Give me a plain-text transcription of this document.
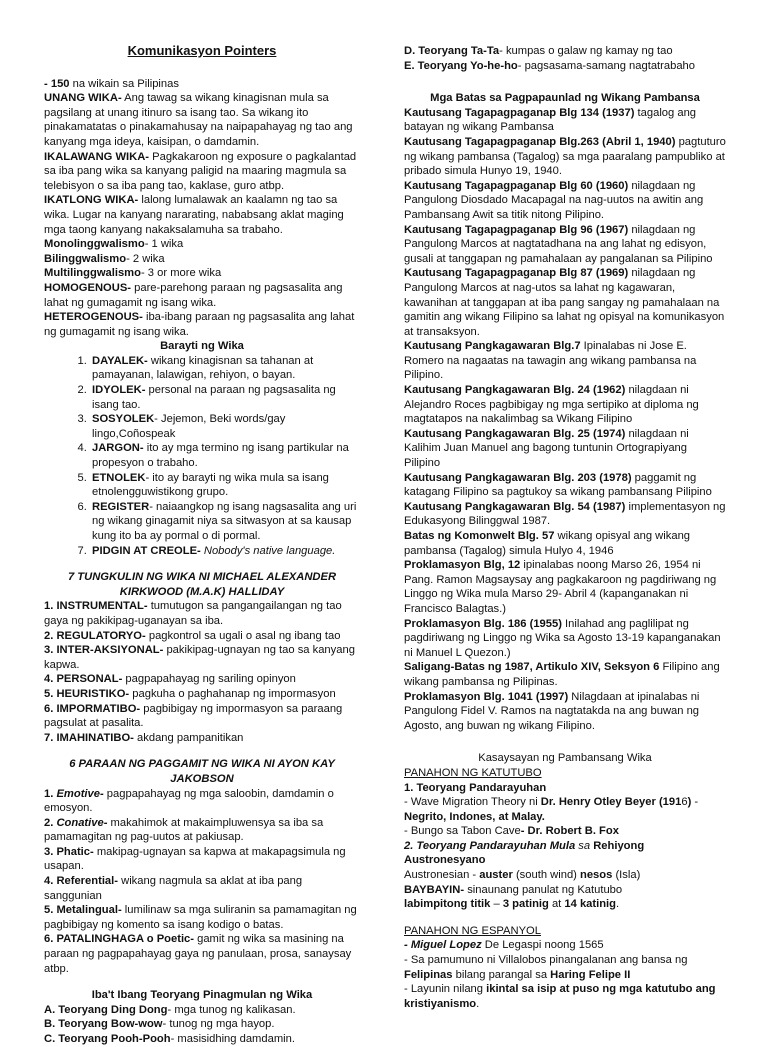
Komunikasyon Pointers

- 150 na wikain sa Pilipinas

UNANG WIKA- Ang tawag sa wikang kinagisnan mula sa pagsilang at unang itinuro sa isang tao. Sa wikang ito pinakamatatas o pinakamahusay na naipapahayag ng tao ang kanyang mga ideya, kaisipan, o damdamin.

IKALAWANG WIKA- Pagkakaroon ng exposure o pagkalantad sa iba pang wika sa kanyang paligid na maaring magmula sa telebisyon o sa iba pang tao, kaklase, guro atbp.

IKATLONG WIKA- lalong lumalawak an kaalamn ng tao sa wika. Lugar na kanyang nararating, nababsang aklat maging mga taong kanyang nakaksalamuha sa trabaho.

Monolinggwalismo- 1 wika

Bilinggwalismo- 2 wika

Multilinggwalismo- 3 or more wika

HOMOGENOUS- pare-parehong paraan ng pagsasalita ang lahat ng gumagamit ng isang wika.

HETEROGENOUS- iba-ibang paraan ng pagsasalita ang lahat ng gumagamit ng isang wika.

Barayti ng Wika

1. DAYALEK- wikang kinagisnan sa tahanan at pamayanan, lalawigan, rehiyon, o bayan.
2. IDYOLEK- personal na paraan ng pagsasalita ng isang tao.
3. SOSYOLEK- Jejemon, Beki words/gay lingo,Coñospeak
4. JARGON- ito ay mga termino ng isang partikular na propesyon o trabaho.
5. ETNOLEK- ito ay barayti ng wika mula sa isang etnolengguwistikong grupo.
6. REGISTER- naiaangkop ng isang nagsasalita ang uri ng wikang ginagamit niya sa sitwasyon at sa kausap kung ito ba ay pormal o di pormal.
7. PIDGIN AT CREOLE- Nobody's native language.

7 TUNGKULIN NG WIKA NI MICHAEL ALEXANDER KIRKWOOD (M.A.K) HALLIDAY

1. INSTRUMENTAL- tumutugon sa pangangailangan ng tao gaya ng pakikipag-uganayan sa iba.

2. REGULATORYO- pagkontrol sa ugali o asal ng ibang tao

3. INTER-AKSIYONAL- pakikipag-ugnayan ng tao sa kanyang kapwa.

4. PERSONAL- pagpapahayag ng sariling opinyon

5. HEURISTIKO- pagkuha o paghahanap ng impormasyon

6. IMPORMATIBO- pagbibigay ng impormasyon sa paraang pagsulat at pasalita.

7. IMAHINATIBO- akdang pampanitikan

6 PARAAN NG PAGGAMIT NG WIKA NI AYON KAY JAKOBSON

1. Emotive- pagpapahayag ng mga saloobin, damdamin o emosyon.

2. Conative- makahimok at makaimpluwensya sa iba sa pamamagitan ng pag-uutos at pakiusap.

3. Phatic- makipag-ugnayan sa kapwa at makapagsimula ng usapan.

4. Referential- wikang nagmula sa aklat at iba pang sanggunian

5. Metalingual- lumilinaw sa mga suliranin sa pamamagitan ng pagbibigay ng komento sa isang kodigo o batas.

6. PATALINGHAGA o Poetic- gamit ng wika sa masining na paraan ng pagpapahayag gaya ng panulaan, prosa, sanaysay atbp.

Iba't Ibang Teoryang Pinagmulan ng Wika

A. Teoryang Ding Dong- mga tunog ng kalikasan.

B. Teoryang Bow-wow- tunog ng mga hayop.

C. Teoryang Pooh-Pooh- masisidhing damdamin.

D. Teoryang Ta-Ta- kumpas o galaw ng kamay ng tao

E. Teoryang Yo-he-ho- pagsasama-samang nagtatrabaho

Mga Batas sa Pagpapaunlad ng Wikang Pambansa

Kautusang Tagapagpaganap Blg 134 (1937) tagalog ang batayan ng wikang Pambansa

Kautusang Tagapagpaganap Blg.263 (Abril 1, 1940) pagtuturo ng wikang pambansa (Tagalog) sa mga paaralang pampubliko at pribado simula Hunyo 19, 1940.

Kautusang Tagapagpaganap Blg 60 (1960) nilagdaan ng Pangulong Diosdado Macapagal na nag-uutos na awitin ang Pambansang Awit sa titik nitong Pilipino.

Kautusang Tagapagpaganap Blg 96 (1967) nilagdaan ng Pangulong Marcos at nagtatadhana na ang lahat ng edisyon, gusali at tanggapan ng pamahalaan ay pangalanan sa Pilipino

Kautusang Tagapagpaganap Blg 87 (1969) nilagdaan ng Pangulong Marcos at nag-utos sa lahat ng kagawaran, kawanihan at tanggapan at iba pang sangay ng pamahalaan na gamitin ang wikang Filipino sa lahat ng opisyal na komunikasyon at transaksyon.

Kautusang Pangkagawaran Blg.7 Ipinalabas ni Jose E. Romero na nagaatas na tawagin ang wikang pambansa na Pilipino.

Kautusang Pangkagawaran Blg. 24 (1962) nilagdaan ni Alejandro Roces pagbibigay ng mga sertipiko at diploma ng magtatapos na nakalimbag sa Wikang Filipino

Kautusang Pangkagawaran Blg. 25 (1974) nilagdaan ni Kalihim Juan Manuel ang bagong tuntunin Ortograpiyang Pilipino

Kautusang Pangkagawaran Blg. 203 (1978) paggamit ng katagang Filipino sa pagtukoy sa wikang pambansang Pilipino

Kautusang Pangkagawaran Blg. 54 (1987) implementasyon ng Edukasyong Bilinggwal 1987.

Batas ng Komonwelt Blg. 57 wikang opisyal ang wikang pambansa (Tagalog) simula Hulyo 4, 1946

Proklamasyon Blg, 12 ipinalabas noong Marso 26, 1954 ni Pang. Ramon Magsaysay ang pagkakaroon ng pagdiriwang ng Linggo ng Wika mula Marso 29- Abril 4 (kapanganakan ni Francisco Balagtas.)

Proklamasyon Blg. 186 (1955) Inilahad ang paglilipat ng pagdiriwang ng Linggo ng Wika sa Agosto 13-19 kapanganakan ni Manuel L Quezon.)

Saligang-Batas ng 1987, Artikulo XIV, Seksyon 6 Filipino ang wikang pambansa ng Pilipinas.

Proklamasyon Blg. 1041 (1997) Nilagdaan at ipinalabas ni Pangulong Fidel V. Ramos na nagtatakda na ang buwan ng Agosto, ang buwan ng wikang Filipino.

Kasaysayan ng Pambansang Wika

PANAHON NG KATUTUBO

1. Teoryang Pandarayuhan

- Wave Migration Theory ni Dr. Henry Otley Beyer (1916) - Negrito, Indones, at Malay.

- Bungo sa Tabon Cave- Dr. Robert B. Fox

2. Teoryang Pandarayuhan Mula sa Rehiyong Austronesyano

Austronesian - auster (south wind) nesos (Isla)

BAYBAYIN- sinaunang panulat ng Katutubo

labimpitong titik – 3 patinig at 14 katinig.

PANAHON NG ESPANYOL

- Miguel Lopez De Legaspi noong 1565

- Sa pamumuno ni Villalobos pinangalanan ang bansa ng Felipinas bilang parangal sa Haring Felipe II

- Layunin nilang ikintal sa isip at puso ng mga katutubo ang kristiyanismo.
